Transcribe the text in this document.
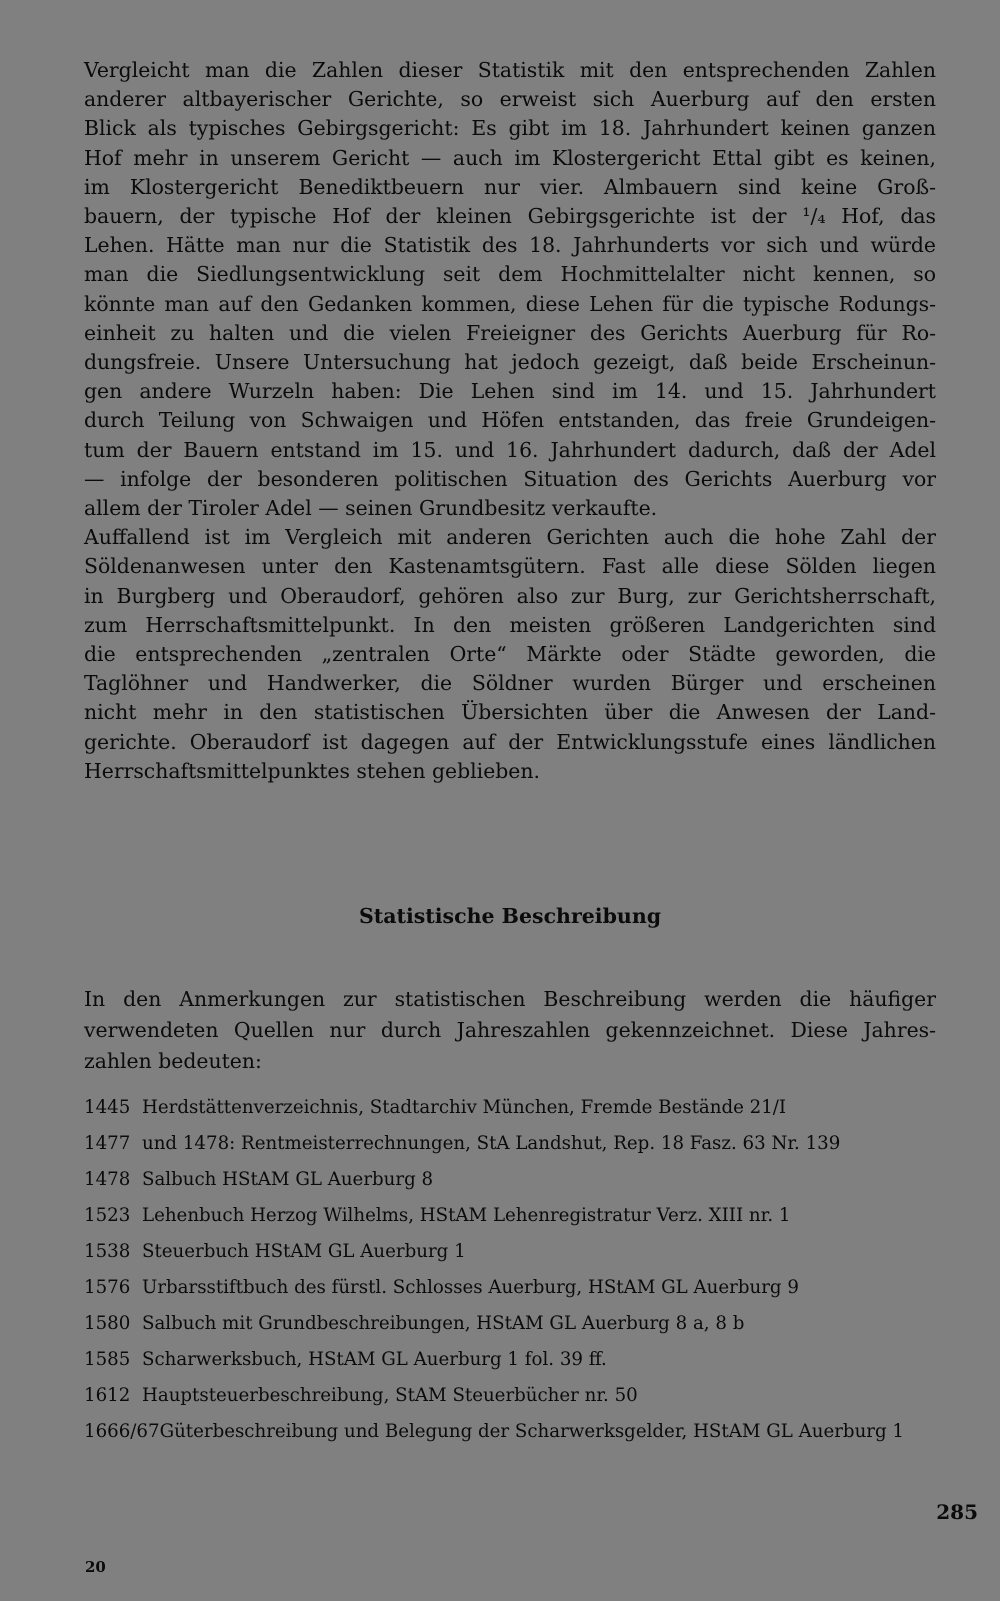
Vergleicht man die Zahlen dieser Statistik mit den entsprechenden Zahlen
anderer altbayerischer Gerichte, so erweist sich Auerburg auf den ersten
Blick als typisches Gebirgsgericht: Es gibt im 18. Jahrhundert keinen ganzen
Hof mehr in unserem Gericht — auch im Klostergericht Ettal gibt es keinen,
im Klostergericht Benediktbeuern nur vier. Almbauern sind keine Groß-
bauern, der typische Hof der kleinen Gebirgsgerichte ist der ¹/₄ Hof, das
Lehen. Hätte man nur die Statistik des 18. Jahrhunderts vor sich und würde
man die Siedlungsentwicklung seit dem Hochmittelalter nicht kennen, so
könnte man auf den Gedanken kommen, diese Lehen für die typische Rodungs-
einheit zu halten und die vielen Freieigner des Gerichts Auerburg für Ro-
dungsfreie. Unsere Untersuchung hat jedoch gezeigt, daß beide Erscheinun-
gen andere Wurzeln haben: Die Lehen sind im 14. und 15. Jahrhundert
durch Teilung von Schwaigen und Höfen entstanden, das freie Grundeigen-
tum der Bauern entstand im 15. und 16. Jahrhundert dadurch, daß der Adel
— infolge der besonderen politischen Situation des Gerichts Auerburg vor
allem der Tiroler Adel — seinen Grundbesitz verkaufte.

Auffallend ist im Vergleich mit anderen Gerichten auch die hohe Zahl der
Söldenanwesen unter den Kastenamtsgütern. Fast alle diese Sölden liegen
in Burgberg und Oberaudorf, gehören also zur Burg, zur Gerichtsherrschaft,
zum Herrschaftsmittelpunkt. In den meisten größeren Landgerichten sind
die entsprechenden „zentralen Orte“ Märkte oder Städte geworden, die
Taglöhner und Handwerker, die Söldner wurden Bürger und erscheinen
nicht mehr in den statistischen Übersichten über die Anwesen der Land-
gerichte. Oberaudorf ist dagegen auf der Entwicklungsstufe eines ländlichen
Herrschaftsmittelpunktes stehen geblieben.

Statistische Beschreibung

In den Anmerkungen zur statistischen Beschreibung werden die häufiger
verwendeten Quellen nur durch Jahreszahlen gekennzeichnet. Diese Jahres-
zahlen bedeuten:

1445 Herdstättenverzeichnis, Stadtarchiv München, Fremde Bestände 21/I
1477 und 1478: Rentmeisterrechnungen, StA Landshut, Rep. 18 Fasz. 63 Nr. 139
1478 Salbuch HStAM GL Auerburg 8
1523 Lehenbuch Herzog Wilhelms, HStAM Lehenregistratur Verz. XIII nr. 1
1538 Steuerbuch HStAM GL Auerburg 1
1576 Urbarsstiftbuch des fürstl. Schlosses Auerburg, HStAM GL Auerburg 9
1580 Salbuch mit Grundbeschreibungen, HStAM GL Auerburg 8 a, 8 b
1585 Scharwerksbuch, HStAM GL Auerburg 1 fol. 39 ff.
1612 Hauptsteuerbeschreibung, StAM Steuerbücher nr. 50
1666/67 Güterbeschreibung und Belegung der Scharwerksgelder, HStAM GL Auerburg 1
285
20
